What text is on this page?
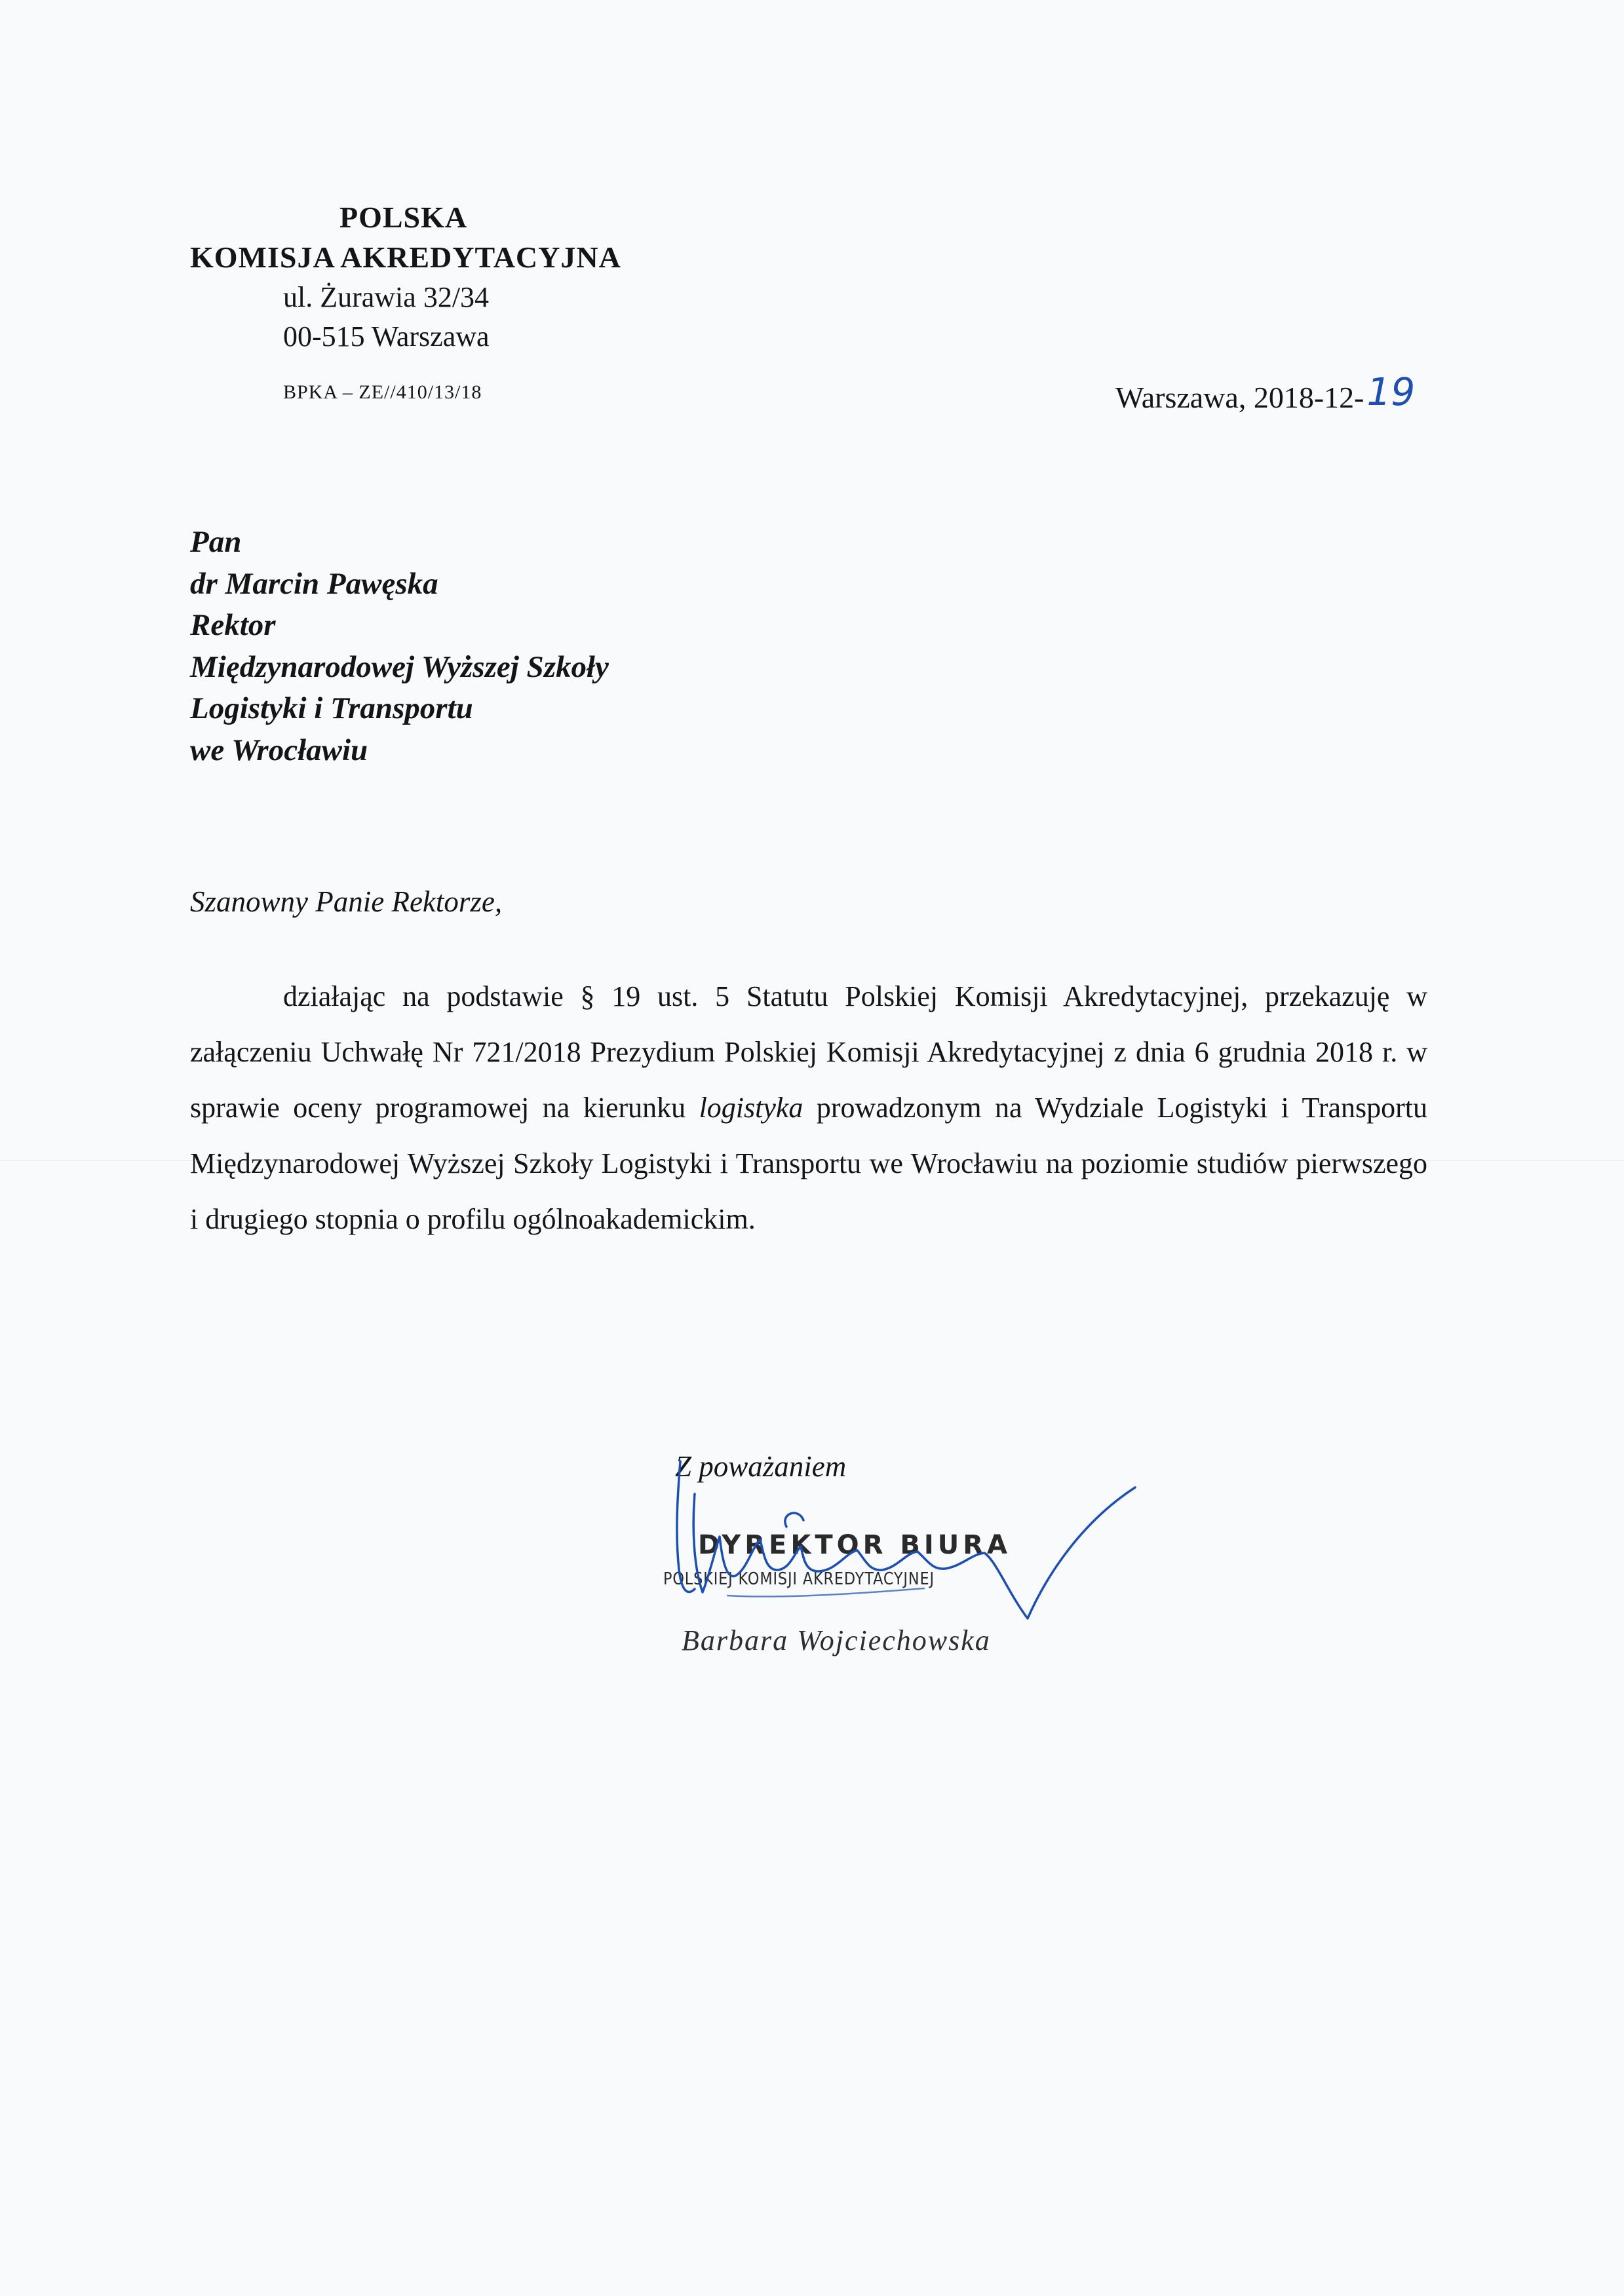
POLSKA
KOMISJA AKREDYTACYJNA
ul. Żurawia 32/34
00-515 Warszawa
BPKA – ZE//410/13/18	Warszawa, 2018-12-19
Pan
dr Marcin Pawęska
Rektor
Międzynarodowej Wyższej Szkoły
Logistyki i Transportu
we Wrocławiu
Szanowny Panie Rektorze,

działając na podstawie § 19 ust. 5 Statutu Polskiej Komisji Akredytacyjnej, przekazuję w załączeniu Uchwałę Nr 721/2018 Prezydium Polskiej Komisji Akredytacyjnej z dnia 6 grudnia 2018 r. w sprawie oceny programowej na kierunku logistyka prowadzonym na Wydziale Logistyki i Transportu Międzynarodowej Wyższej Szkoły Logistyki i Transportu we Wrocławiu na poziomie studiów pierwszego i drugiego stopnia o profilu ogólnoakademickim.

Z poważaniem
DYREKTOR BIURA
POLSKIEJ KOMISJI AKREDYTACYJNEJ
Barbara Wojciechowska
